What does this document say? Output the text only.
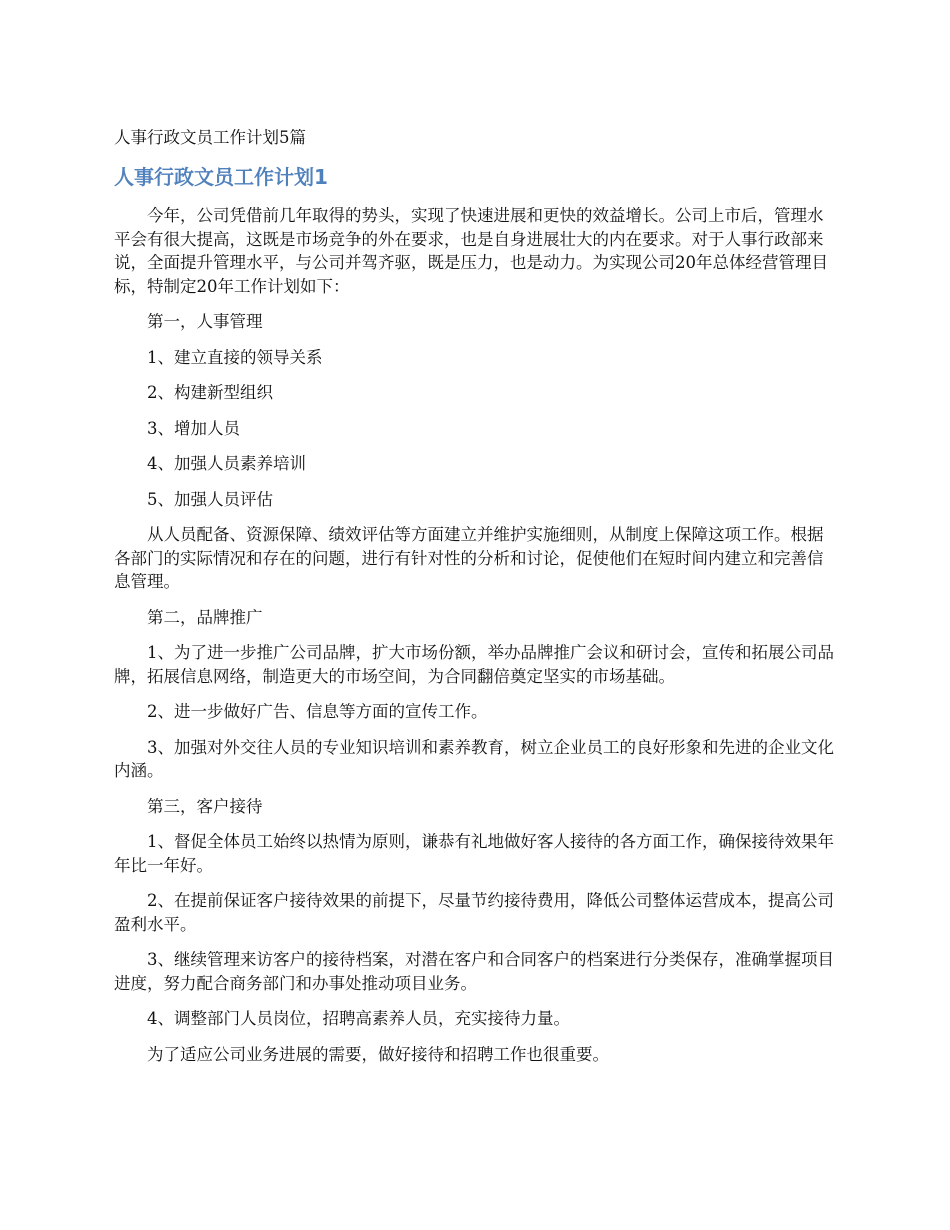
人事行政文员工作计划5篇
人事行政文员工作计划1

今年，公司凭借前几年取得的势头，实现了快速进展和更快的效益增长。公司上市后，管理水平会有很大提高，这既是市场竞争的外在要求，也是自身进展壮大的内在要求。对于人事行政部来说，全面提升管理水平，与公司并驾齐驱，既是压力，也是动力。为实现公司20年总体经营管理目标，特制定20年工作计划如下：

第一，人事管理

1、建立直接的领导关系

2、构建新型组织

3、增加人员

4、加强人员素养培训

5、加强人员评估

从人员配备、资源保障、绩效评估等方面建立并维护实施细则，从制度上保障这项工作。根据各部门的实际情况和存在的问题，进行有针对性的分析和讨论，促使他们在短时间内建立和完善信息管理。

第二，品牌推广

1、为了进一步推广公司品牌，扩大市场份额，举办品牌推广会议和研讨会，宣传和拓展公司品牌，拓展信息网络，制造更大的市场空间，为合同翻倍奠定坚实的市场基础。

2、进一步做好广告、信息等方面的宣传工作。

3、加强对外交往人员的专业知识培训和素养教育，树立企业员工的良好形象和先进的企业文化内涵。

第三，客户接待

1、督促全体员工始终以热情为原则，谦恭有礼地做好客人接待的各方面工作，确保接待效果年年比一年好。

2、在提前保证客户接待效果的前提下，尽量节约接待费用，降低公司整体运营成本，提高公司盈利水平。

3、继续管理来访客户的接待档案，对潜在客户和合同客户的档案进行分类保存，准确掌握项目进度，努力配合商务部门和办事处推动项目业务。

4、调整部门人员岗位，招聘高素养人员，充实接待力量。

为了适应公司业务进展的需要，做好接待和招聘工作也很重要。
